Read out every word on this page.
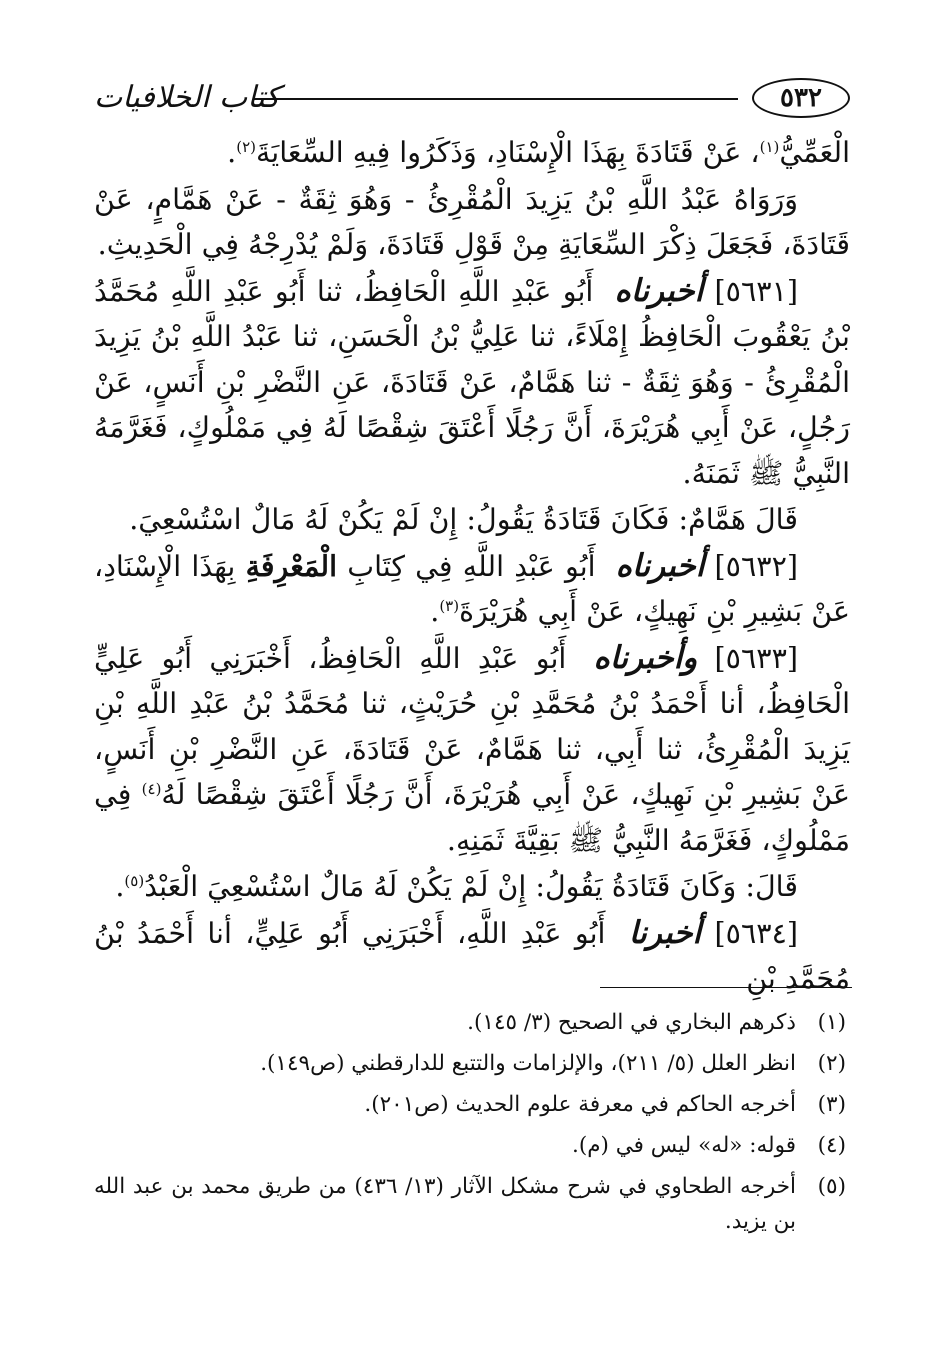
٥٣٢
كتاب الخلافيات

الْعَمِّيُّ$^{(١)}$، عَنْ قَتَادَةَ بِهَذَا الْإِسْنَادِ، وَذَكَرُوا فِيهِ السِّعَايَةَ$^{(٢)}$.

وَرَوَاهُ عَبْدُ اللَّهِ بْنُ يَزِيدَ الْمُقْرِئُ - وَهُوَ ثِقَةٌ - عَنْ هَمَّامٍ، عَنْ قَتَادَةَ، فَجَعَلَ ذِكْرَ السِّعَايَةِ مِنْ قَوْلِ قَتَادَةَ، وَلَمْ يُدْرِجْهُ فِي الْحَدِيثِ.

[٥٦٣١] أخبرناه أَبُو عَبْدِ اللَّهِ الْحَافِظُ، ثنا أَبُو عَبْدِ اللَّهِ مُحَمَّدُ بْنُ يَعْقُوبَ الْحَافِظُ إِمْلَاءً، ثنا عَلِيُّ بْنُ الْحَسَنِ، ثنا عَبْدُ اللَّهِ بْنُ يَزِيدَ الْمُقْرِئُ - وَهُوَ ثِقَةٌ - ثنا هَمَّامٌ، عَنْ قَتَادَةَ، عَنِ النَّضْرِ بْنِ أَنَسٍ، عَنْ رَجُلٍ، عَنْ أَبِي هُرَيْرَةَ، أَنَّ رَجُلًا أَعْتَقَ شِقْصًا لَهُ فِي مَمْلُوكٍ، فَغَرَّمَهُ النَّبِيُّ ﷺ ثَمَنَهُ.

قَالَ هَمَّامٌ: فَكَانَ قَتَادَةُ يَقُولُ: إِنْ لَمْ يَكُنْ لَهُ مَالٌ اسْتُسْعِيَ.

[٥٦٣٢] أخبرناه أَبُو عَبْدِ اللَّهِ فِي كِتَابِ الْمَعْرِفَةِ بِهَذَا الْإِسْنَادِ، عَنْ بَشِيرِ بْنِ نَهِيكٍ، عَنْ أَبِي هُرَيْرَةَ$^{(٣)}$.

[٥٦٣٣] وأخبرناه أَبُو عَبْدِ اللَّهِ الْحَافِظُ، أَخْبَرَنِي أَبُو عَلِيٍّ الْحَافِظُ، أنا أَحْمَدُ بْنُ مُحَمَّدِ بْنِ حُرَيْثٍ، ثنا مُحَمَّدُ بْنُ عَبْدِ اللَّهِ بْنِ يَزِيدَ الْمُقْرِئُ، ثنا أَبِي، ثنا هَمَّامٌ، عَنْ قَتَادَةَ، عَنِ النَّضْرِ بْنِ أَنَسٍ، عَنْ بَشِيرِ بْنِ نَهِيكٍ، عَنْ أَبِي هُرَيْرَةَ، أَنَّ رَجُلًا أَعْتَقَ شِقْصًا لَهُ$^{(٤)}$ فِي مَمْلُوكٍ، فَغَرَّمَهُ النَّبِيُّ ﷺ بَقِيَّةَ ثَمَنِهِ.

قَالَ: وَكَانَ قَتَادَةُ يَقُولُ: إِنْ لَمْ يَكُنْ لَهُ مَالٌ اسْتُسْعِيَ الْعَبْدُ$^{(٥)}$.

[٥٦٣٤] أخبرنا أَبُو عَبْدِ اللَّهِ، أَخْبَرَنِي أَبُو عَلِيٍّ، أنا أَحْمَدُ بْنُ مُحَمَّدِ بْنِ

(١)
ذكرهم البخاري في الصحيح (٣/ ١٤٥).
(٢)
انظر العلل (٥/ ٢١١)، والإلزامات والتتبع للدارقطني (ص١٤٩).
(٣)
أخرجه الحاكم في معرفة علوم الحديث (ص٢٠١).
(٤)
قوله: «له» ليس في (م).
(٥)
أخرجه الطحاوي في شرح مشكل الآثار (١٣/ ٤٣٦) من طريق محمد بن عبد الله بن يزيد.
